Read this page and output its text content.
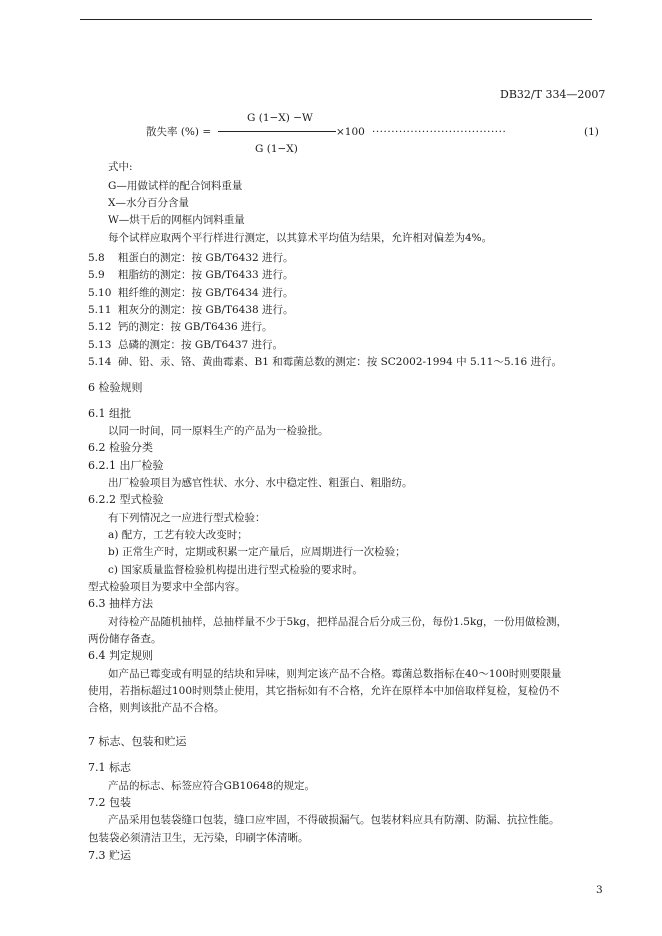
DB32/T 334—2007
G (1−X) −W
散失率 (%) =	×100 ···································	(1)
G (1−X)
式中:
G—用做试样的配合饲料重量
X—水分百分含量
W—烘干后的网框内饲料重量
每个试样应取两个平行样进行测定，以其算术平均值为结果，允许相对偏差为4%。
5.8 粗蛋白的测定：按 GB/T6432 进行。
5.9 粗脂纺的测定：按 GB/T6433 进行。
5.10 粗纤维的测定：按 GB/T6434 进行。
5.11 粗灰分的测定：按 GB/T6438 进行。
5.12 钙的测定：按 GB/T6436 进行。
5.13 总磷的测定：按 GB/T6437 进行。
5.14 砷、铅、汞、铬、黄曲霉素、B1 和霉菌总数的测定：按 SC2002-1994 中 5.11～5.16 进行。
6 检验规则
6.1 组批
以同一时间，同一原料生产的产品为一检验批。
6.2 检验分类
6.2.1 出厂检验
出厂检验项目为感官性状、水分、水中稳定性、粗蛋白、粗脂纺。
6.2.2 型式检验
有下列情况之一应进行型式检验：
a) 配方，工艺有较大改变时；
b) 正常生产时，定期或积累一定产量后，应周期进行一次检验；
c) 国家质量监督检验机构提出进行型式检验的要求时。
型式检验项目为要求中全部内容。
6.3 抽样方法
对待检产品随机抽样，总抽样量不少于5kg，把样品混合后分成三份，每份1.5kg，一份用做检测，
两份储存备查。
6.4 判定规则
如产品已霉变或有明显的结块和异味，则判定该产品不合格。霉菌总数指标在40～100时则要限量
使用，若指标超过100时则禁止使用，其它指标如有不合格，允许在原样本中加倍取样复检，复检仍不
合格，则判该批产品不合格。
7 标志、包装和贮运
7.1 标志
产品的标志、标签应符合GB10648的规定。
7.2 包装
产品采用包装袋缝口包装，缝口应牢固，不得破损漏气。包装材料应具有防潮、防漏、抗拉性能。
包装袋必须清洁卫生，无污染，印刷字体清晰。
7.3 贮运
3
